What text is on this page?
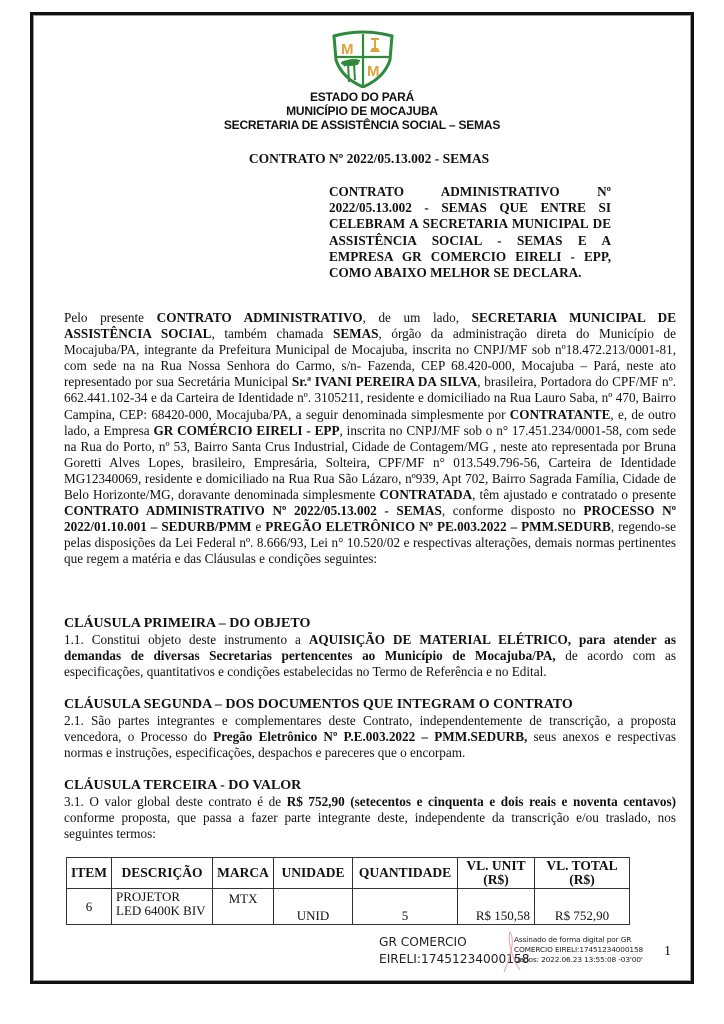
M
M
ESTADO DO PARÁ
MUNICÍPIO DE MOCAJUBA
SECRETARIA DE ASSISTÊNCIA SOCIAL – SEMAS
CONTRATO Nº 2022/05.13.002 - SEMAS
CONTRATO ADMINISTRATIVO Nº 2022/05.13.002 - SEMAS QUE ENTRE SI CELEBRAM A SECRETARIA MUNICIPAL DE ASSISTÊNCIA SOCIAL - SEMAS E A EMPRESA GR COMERCIO EIRELI - EPP, COMO ABAIXO MELHOR SE DECLARA.
Pelo presente CONTRATO ADMINISTRATIVO, de um lado, SECRETARIA MUNICIPAL DE ASSISTÊNCIA SOCIAL, também chamada SEMAS, órgão da administração direta do Município de Mocajuba/PA, integrante da Prefeitura Municipal de Mocajuba, inscrita no CNPJ/MF sob nº18.472.213/0001-81, com sede na na Rua Nossa Senhora do Carmo, s/n- Fazenda, CEP 68.420-000, Mocajuba – Pará, neste ato representado por sua Secretária Municipal Sr.ª IVANI PEREIRA DA SILVA, brasileira, Portadora do CPF/MF nº. 662.441.102-34 e da Carteira de Identidade nº. 3105211, residente e domiciliado na Rua Lauro Saba, nº 470, Bairro Campina, CEP: 68420-000, Mocajuba/PA, a seguir denominada simplesmente por CONTRATANTE, e, de outro lado, a Empresa GR COMÉRCIO EIRELI - EPP, inscrita no CNPJ/MF sob o n° 17.451.234/0001-58, com sede na Rua do Porto, nº 53, Bairro Santa Crus Industrial, Cidade de Contagem/MG , neste ato representada por Bruna Goretti Alves Lopes, brasileiro, Empresária, Solteira, CPF/MF n° 013.549.796-56, Carteira de Identidade MG12340069, residente e domiciliado na Rua Rua São Lázaro, nº939, Apt 702, Bairro Sagrada Família, Cidade de Belo Horizonte/MG, doravante denominada simplesmente CONTRATADA, têm ajustado e contratado o presente CONTRATO ADMINISTRATIVO Nº 2022/05.13.002 - SEMAS, conforme disposto no PROCESSO Nº 2022/01.10.001 – SEDURB/PMM e PREGÃO ELETRÔNICO Nº PE.003.2022 – PMM.SEDURB, regendo-se pelas disposições da Lei Federal nº. 8.666/93, Lei n° 10.520/02 e respectivas alterações, demais normas pertinentes que regem a matéria e das Cláusulas e condições seguintes:
CLÁUSULA PRIMEIRA – DO OBJETO

1.1. Constitui objeto deste instrumento a AQUISIÇÃO DE MATERIAL ELÉTRICO, para atender as demandas de diversas Secretarias pertencentes ao Município de Mocajuba/PA, de acordo com as especificações, quantitativos e condições estabelecidas no Termo de Referência e no Edital.

CLÁUSULA SEGUNDA – DOS DOCUMENTOS QUE INTEGRAM O CONTRATO

2.1. São partes integrantes e complementares deste Contrato, independentemente de transcrição, a proposta vencedora, o Processo do Pregão Eletrônico Nº P.E.003.2022 – PMM.SEDURB, seus anexos e respectivas normas e instruções, especificações, despachos e pareceres que o encorpam.

CLÁUSULA TERCEIRA - DO VALOR

3.1. O valor global deste contrato é de R$ 752,90 (setecentos e cinquenta e dois reais e noventa centavos) conforme proposta, que passa a fazer parte integrante deste, independente da transcrição e/ou traslado, nos seguintes termos:

ITEM	DESCRIÇÃO	MARCA	UNIDADE	QUANTIDADE	VL. UNIT (R$)	VL. TOTAL (R$)
6	PROJETOR LED 6400K BIV	MTX	UNID	5	R$ 150,58	R$ 752,90
GR COMERCIO
EIRELI:17451234000158
Assinado de forma digital por GR
COMERCIO EIRELI:17451234000158
Dados: 2022.06.23 13:55:08 -03'00'
1
